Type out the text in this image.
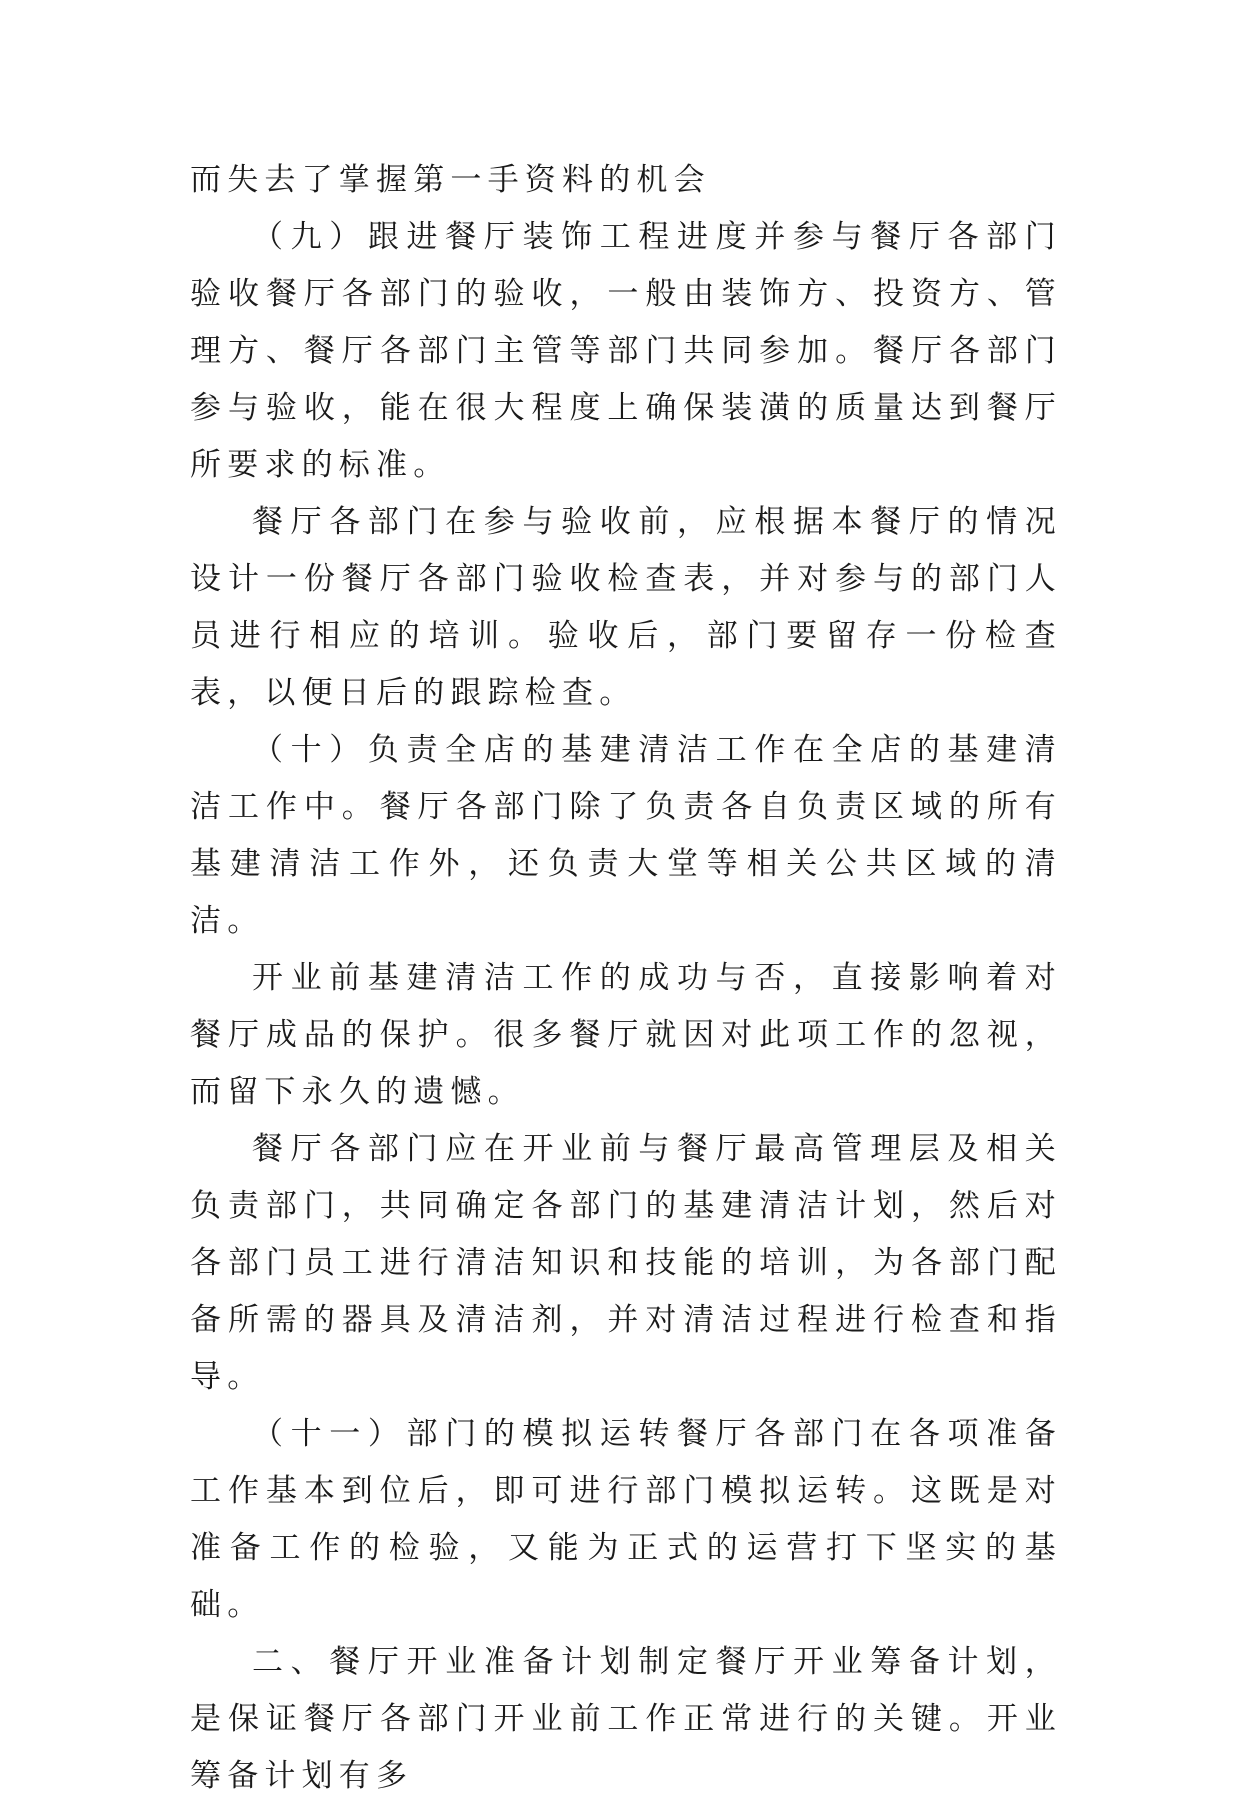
而失去了掌握第一手资料的机会

（九）跟进餐厅装饰工程进度并参与餐厅各部门验收餐厅各部门的验收，一般由装饰方、投资方、管理方、餐厅各部门主管等部门共同参加。餐厅各部门参与验收，能在很大程度上确保装潢的质量达到餐厅所要求的标准。

餐厅各部门在参与验收前，应根据本餐厅的情况设计一份餐厅各部门验收检查表，并对参与的部门人员进行相应的培训。验收后，部门要留存一份检查表，以便日后的跟踪检查。

（十）负责全店的基建清洁工作在全店的基建清洁工作中。餐厅各部门除了负责各自负责区域的所有基建清洁工作外，还负责大堂等相关公共区域的清洁。

开业前基建清洁工作的成功与否，直接影响着对餐厅成品的保护。很多餐厅就因对此项工作的忽视，而留下永久的遗憾。

餐厅各部门应在开业前与餐厅最高管理层及相关负责部门，共同确定各部门的基建清洁计划，然后对各部门员工进行清洁知识和技能的培训，为各部门配备所需的器具及清洁剂，并对清洁过程进行检查和指导。

（十一）部门的模拟运转餐厅各部门在各项准备工作基本到位后，即可进行部门模拟运转。这既是对准备工作的检验，又能为正式的运营打下坚实的基础。

二、餐厅开业准备计划制定餐厅开业筹备计划，是保证餐厅各部门开业前工作正常进行的关键。开业筹备计划有多
